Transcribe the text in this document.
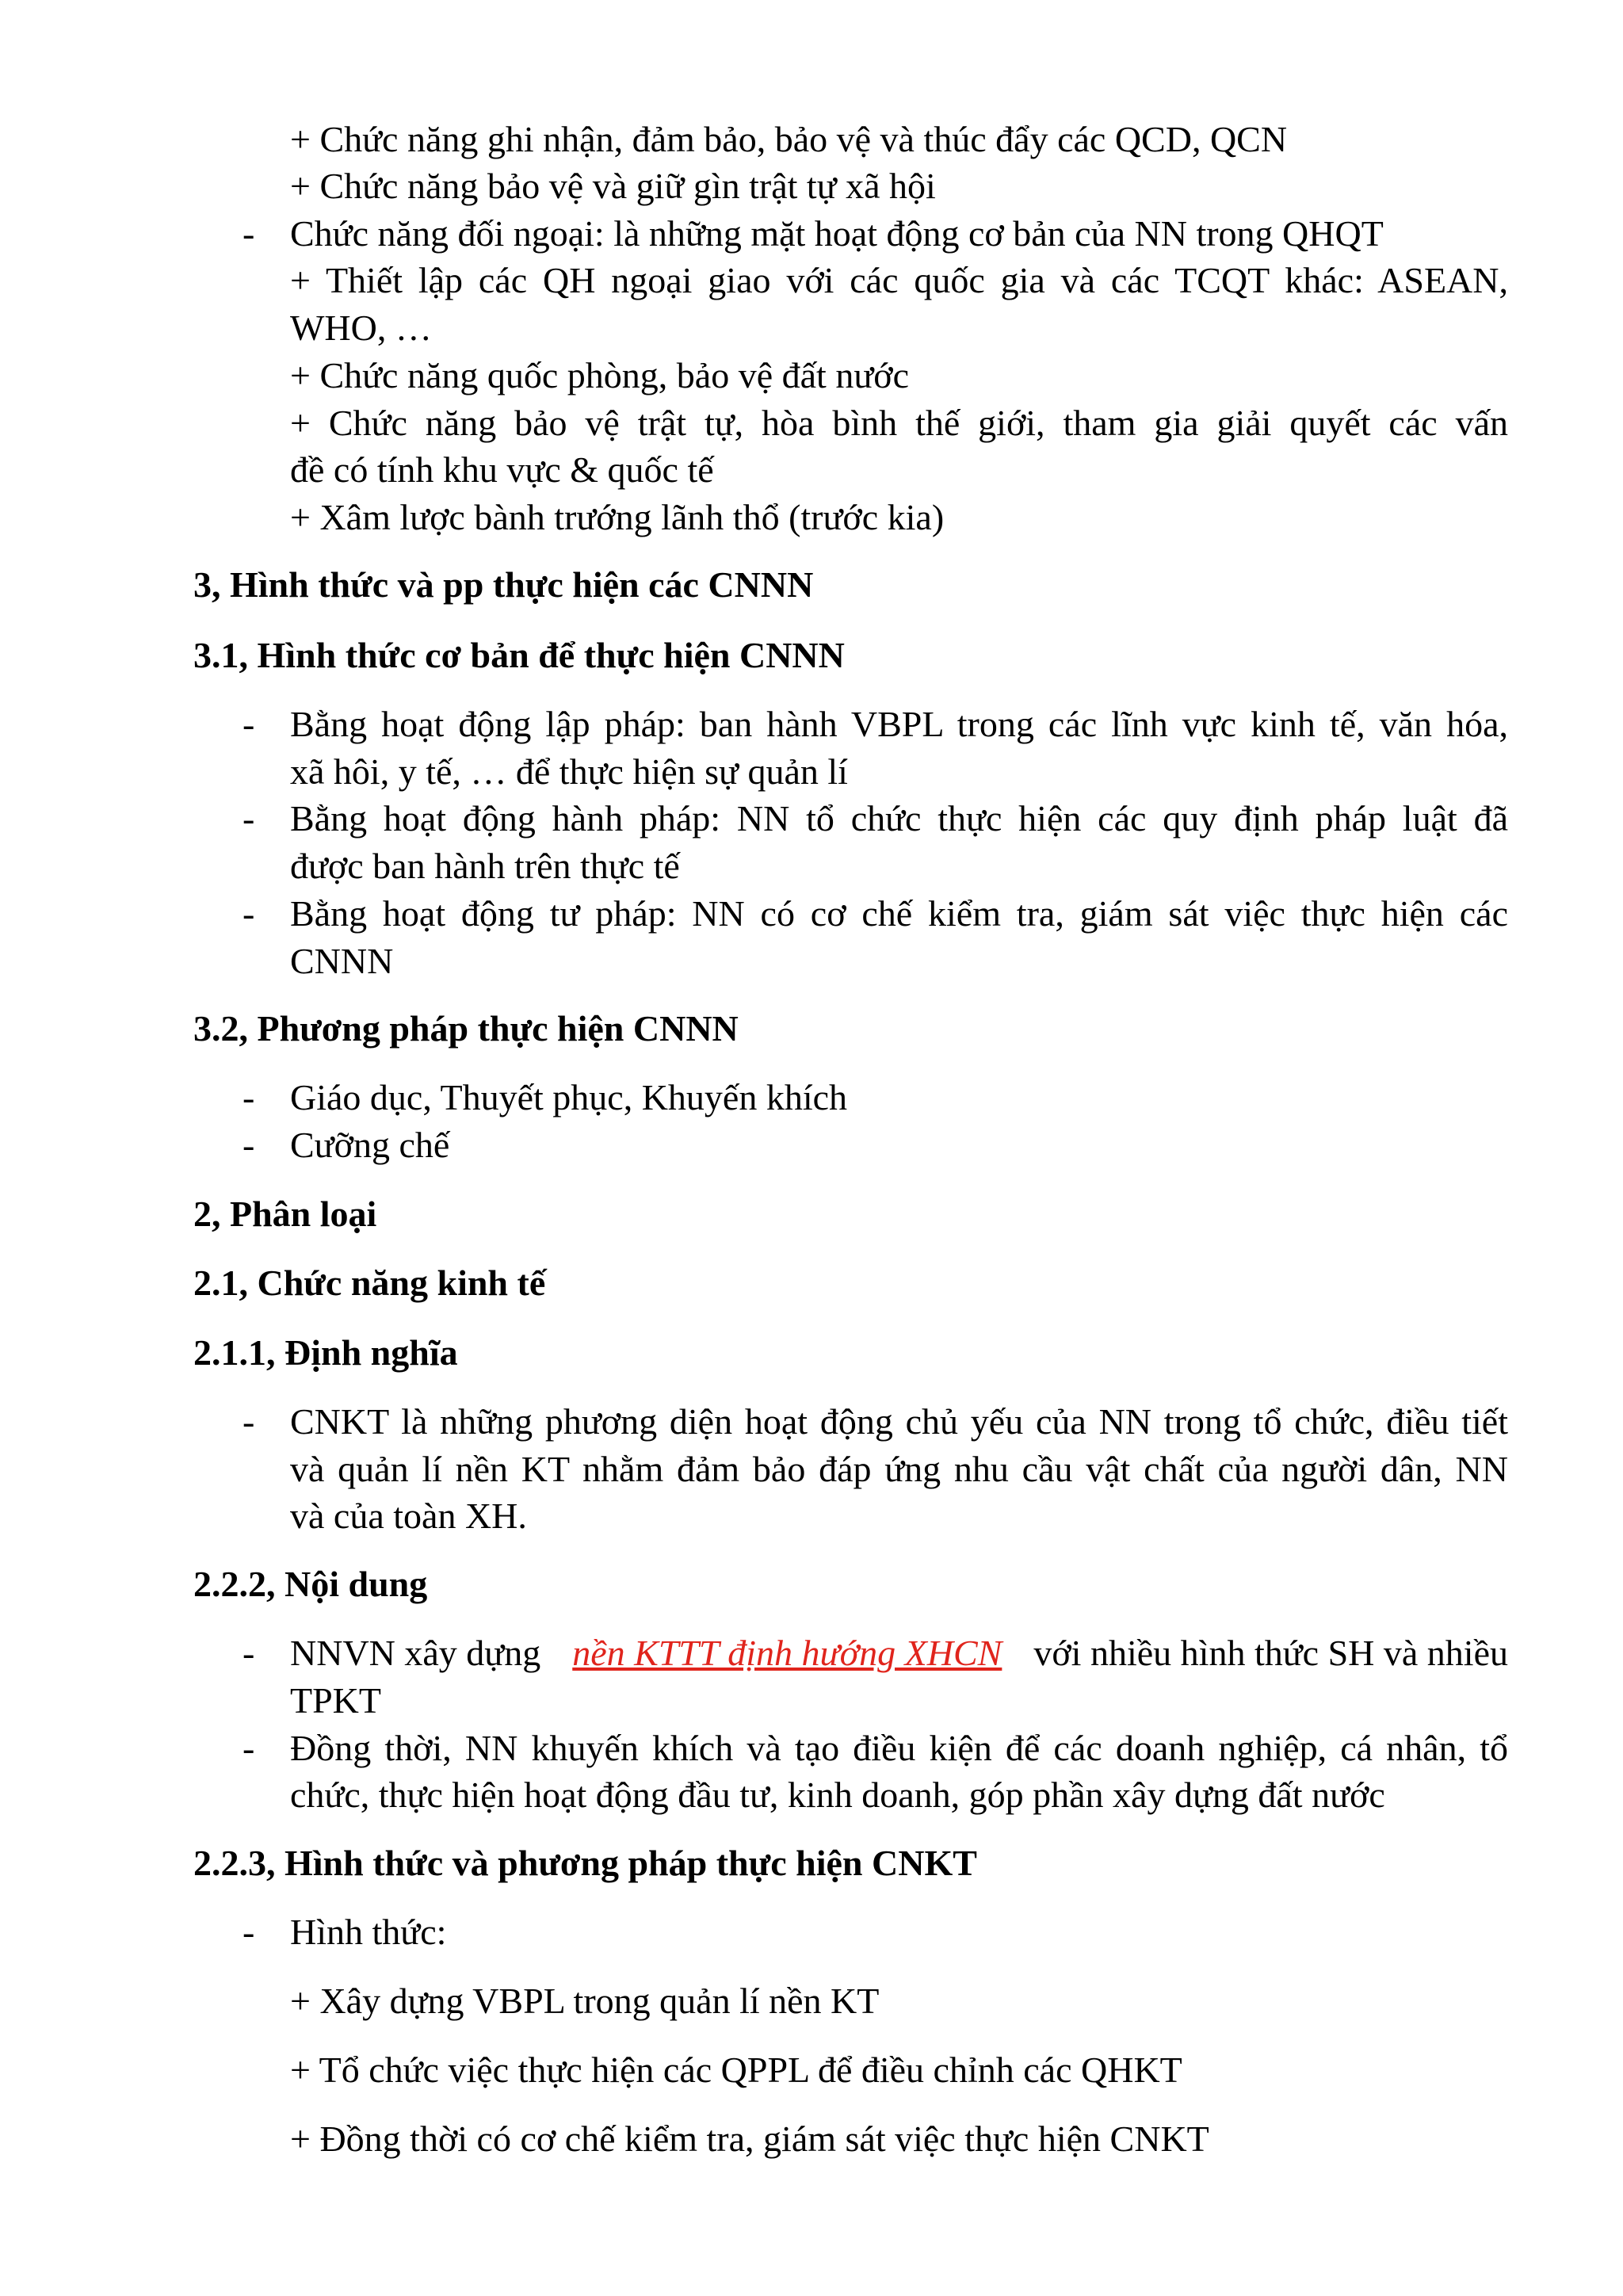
+ Chức năng ghi nhận, đảm bảo, bảo vệ và thúc đẩy các QCD, QCN
+ Chức năng bảo vệ và giữ gìn trật tự xã hội
- Chức năng đối ngoại: là những mặt hoạt động cơ bản của NN trong QHQT
+ Thiết lập các QH ngoại giao với các quốc gia và các TCQT khác: ASEAN,
WHO, …
+ Chức năng quốc phòng, bảo vệ đất nước
+ Chức năng bảo vệ trật tự, hòa bình thế giới, tham gia giải quyết các vấn
đề có tính khu vực & quốc tế
+ Xâm lược bành trướng lãnh thổ (trước kia)
3, Hình thức và pp thực hiện các CNNN
3.1, Hình thức cơ bản để thực hiện CNNN
- Bằng hoạt động lập pháp: ban hành VBPL trong các lĩnh vực kinh tế, văn hóa,
xã hôi, y tế, … để thực hiện sự quản lí
- Bằng hoạt động hành pháp: NN tổ chức thực hiện các quy định pháp luật đã
được ban hành trên thực tế
- Bằng hoạt động tư pháp: NN có cơ chế kiểm tra, giám sát việc thực hiện các
CNNN
3.2, Phương pháp thực hiện CNNN
- Giáo dục, Thuyết phục, Khuyến khích
- Cưỡng chế
2, Phân loại
2.1, Chức năng kinh tế
2.1.1, Định nghĩa
- CNKT là những phương diện hoạt động chủ yếu của NN trong tổ chức, điều tiết
và quản lí nền KT nhằm đảm bảo đáp ứng nhu cầu vật chất của người dân, NN
và của toàn XH.
2.2.2, Nội dung
- NNVN xây dựng nền KTTT định hướng XHCN với nhiều hình thức SH và nhiều
TPKT
- Đồng thời, NN khuyến khích và tạo điều kiện để các doanh nghiệp, cá nhân, tổ
chức, thực hiện hoạt động đầu tư, kinh doanh, góp phần xây dựng đất nước
2.2.3, Hình thức và phương pháp thực hiện CNKT
- Hình thức:
+ Xây dựng VBPL trong quản lí nền KT
+ Tổ chức việc thực hiện các QPPL để điều chỉnh các QHKT
+ Đồng thời có cơ chế kiểm tra, giám sát việc thực hiện CNKT
